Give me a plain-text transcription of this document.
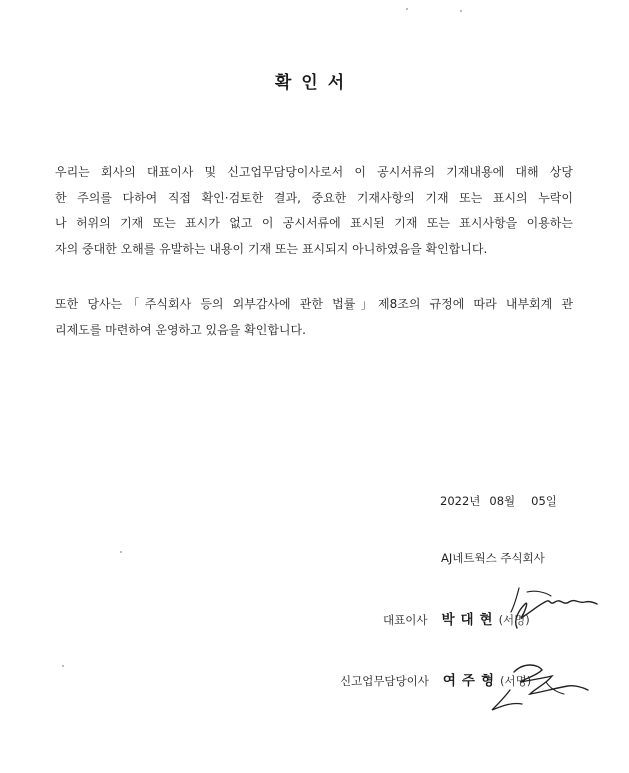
확인서

우리는 회사의 대표이사 및 신고업무담당이사로서 이 공시서류의 기재내용에 대해 상당
한 주의를 다하여 직접 확인·검토한 결과, 중요한 기재사항의 기재 또는 표시의 누락이
나 허위의 기재 또는 표시가 없고 이 공시서류에 표시된 기재 또는 표시사항을 이용하는
자의 중대한 오해를 유발하는 내용이 기재 또는 표시되지 아니하였음을 확인합니다.

또한 당사는「주식회사 등의 외부감사에 관한 법률」제8조의 규정에 따라 내부회계 관
리제도를 마련하여 운영하고 있음을 확인합니다.

2022년 08월 05일
AJ네트웍스 주식회사
대표이사 박대현(서명)
신고업무담당이사 여주형(서명)
